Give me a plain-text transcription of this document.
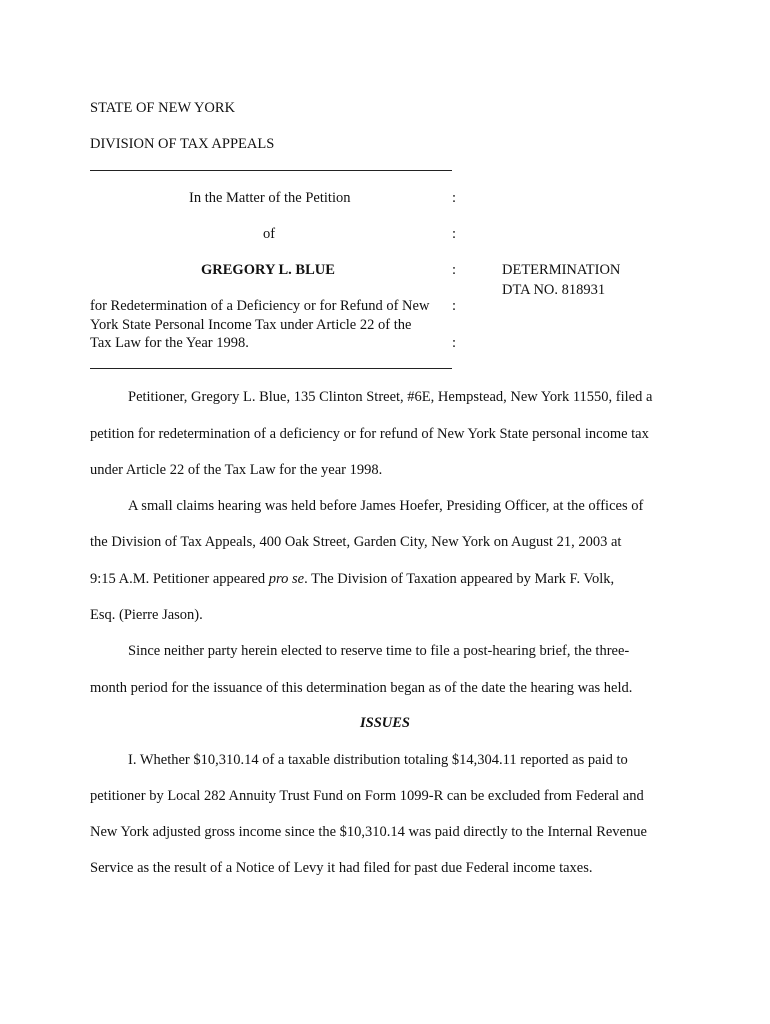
STATE OF NEW YORK
DIVISION OF TAX APPEALS
In the Matter of the Petition	:
of	:
GREGORY L. BLUE	:	DETERMINATION
DTA NO. 818931
for Redetermination of a Deficiency or for Refund of New :
York State Personal Income Tax under Article 22 of the
Tax Law for the Year 1998.	:
Petitioner, Gregory L. Blue, 135 Clinton Street, #6E, Hempstead, New York 11550, filed a
petition for redetermination of a deficiency or for refund of New York State personal income tax
under Article 22 of the Tax Law for the year 1998.
A small claims hearing was held before James Hoefer, Presiding Officer, at the offices of
the Division of Tax Appeals, 400 Oak Street, Garden City, New York on August 21, 2003 at
9:15 A.M. Petitioner appeared pro se. The Division of Taxation appeared by Mark F. Volk,
Esq. (Pierre Jason).
Since neither party herein elected to reserve time to file a post-hearing brief, the three-
month period for the issuance of this determination began as of the date the hearing was held.
ISSUES
I. Whether $10,310.14 of a taxable distribution totaling $14,304.11 reported as paid to
petitioner by Local 282 Annuity Trust Fund on Form 1099-R can be excluded from Federal and
New York adjusted gross income since the $10,310.14 was paid directly to the Internal Revenue
Service as the result of a Notice of Levy it had filed for past due Federal income taxes.
